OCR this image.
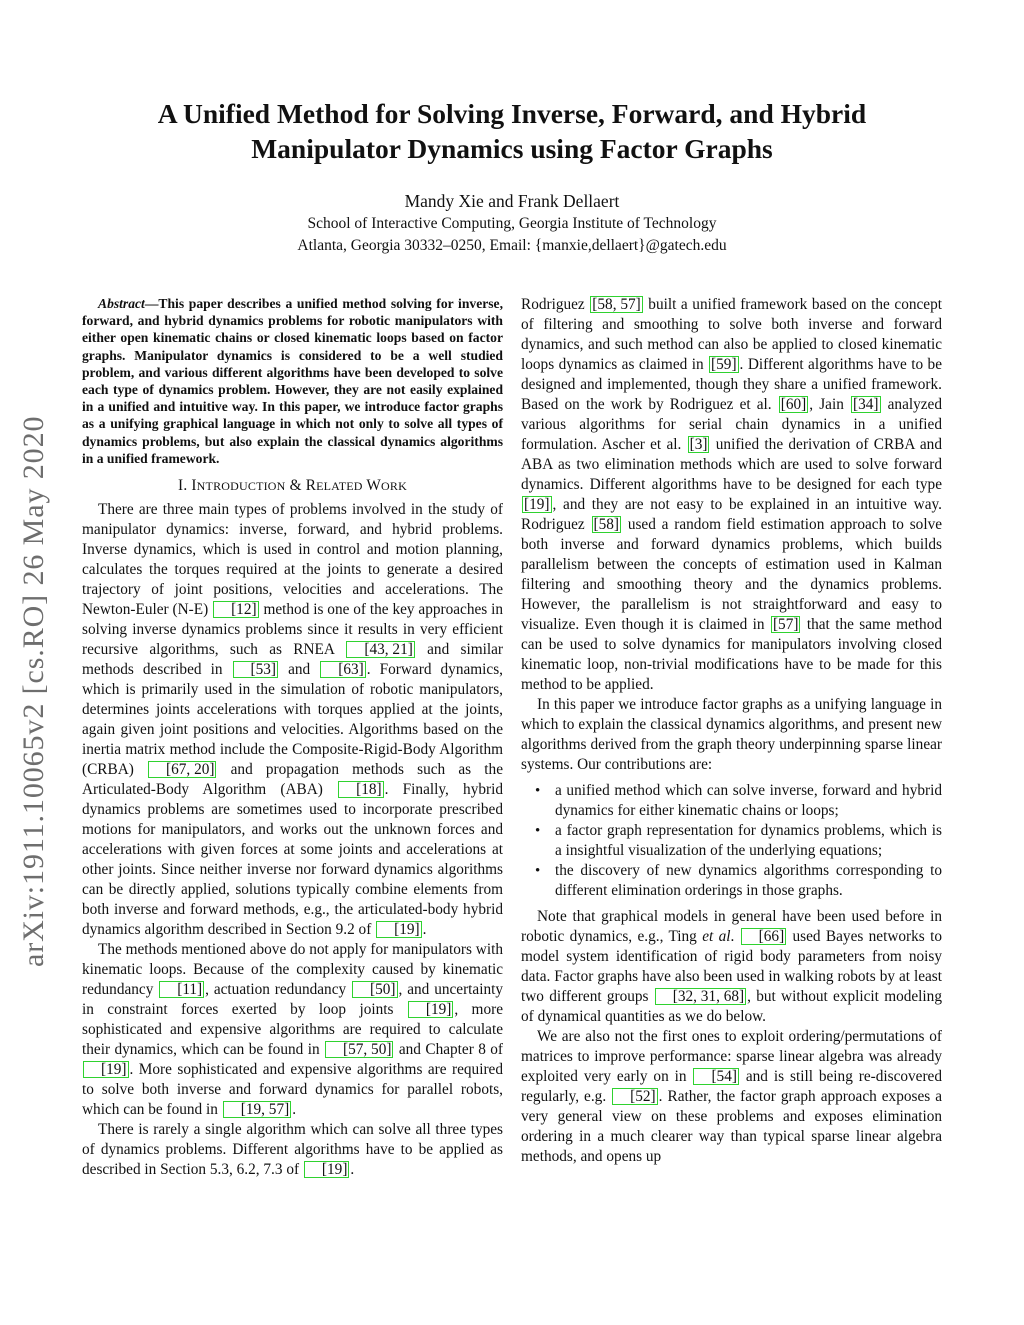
A Unified Method for Solving Inverse, Forward, and Hybrid
Manipulator Dynamics using Factor Graphs
Mandy Xie and Frank Dellaert
School of Interactive Computing, Georgia Institute of Technology
Atlanta, Georgia 30332–0250, Email: {manxie,dellaert}@gatech.edu
arXiv:1911.10065v2 [cs.RO] 26 May 2020

Abstract—This paper describes a unified method solving for inverse, forward, and hybrid dynamics problems for robotic manipulators with either open kinematic chains or closed kinematic loops based on factor graphs. Manipulator dynamics is considered to be a well studied problem, and various different algorithms have been developed to solve each type of dynamics problem. However, they are not easily explained in a unified and intuitive way. In this paper, we introduce factor graphs as a unifying graphical language in which not only to solve all types of dynamics problems, but also explain the classical dynamics algorithms in a unified framework.

I. INTRODUCTION & RELATED WORK

There are three main types of problems involved in the study of manipulator dynamics: inverse, forward, and hybrid problems. Inverse dynamics, which is used in control and motion planning, calculates the torques required at the joints to generate a desired trajectory of joint positions, velocities and accelerations. The Newton-Euler (N-E) [12] method is one of the key approaches in solving inverse dynamics problems since it results in very efficient recursive algorithms, such as RNEA [43, 21] and similar methods described in [53] and [63] . Forward dynamics, which is primarily used in the simulation of robotic manipulators, determines joints accelerations with torques applied at the joints, again given joint positions and velocities. Algorithms based on the inertia matrix method include the Composite-Rigid-Body Algorithm (CRBA) [67, 20] and propagation methods such as the Articulated-Body Algorithm (ABA) [18] . Finally, hybrid dynamics problems are sometimes used to incorporate prescribed motions for manipulators, and works out the unknown forces and accelerations with given forces at some joints and accelerations at other joints. Since neither inverse nor forward dynamics algorithms can be directly applied, solutions typically combine elements from both inverse and forward methods, e.g., the articulated-body hybrid dynamics algorithm described in Section 9.2 of [19] .

The methods mentioned above do not apply for manipulators with kinematic loops. Because of the complexity caused by kinematic redundancy [11] , actuation redundancy [50] , and uncertainty in constraint forces exerted by loop joints [19] , more sophisticated and expensive algorithms are required to calculate their dynamics, which can be found in [57, 50] and Chapter 8 of [19] . More sophisticated and expensive algorithms are required to solve both inverse and forward dynamics for parallel robots, which can be found in [19, 57] .

There is rarely a single algorithm which can solve all three types of dynamics problems. Different algorithms have to be applied as described in Section 5.3, 6.2, 7.3 of [19] .

Rodriguez [58, 57] built a unified framework based on the concept of filtering and smoothing to solve both inverse and forward dynamics, and such method can also be applied to closed kinematic loops dynamics as claimed in [59] . Different algorithms have to be designed and implemented, though they share a unified framework. Based on the work by Rodriguez et al. [60] , Jain [34] analyzed various algorithms for serial chain dynamics in a unified formulation. Ascher et al. [3] unified the derivation of CRBA and ABA as two elimination methods which are used to solve forward dynamics. Different algorithms have to be designed for each type [19] , and they are not easy to be explained in an intuitive way. Rodriguez [58] used a random field estimation approach to solve both inverse and forward dynamics problems, which builds parallelism between the concepts of estimation used in Kalman filtering and smoothing theory and the dynamics problems. However, the parallelism is not straightforward and easy to visualize. Even though it is claimed in [57] that the same method can be used to solve dynamics for manipulators involving closed kinematic loop, non-trivial modifications have to be made for this method to be applied.

In this paper we introduce factor graphs as a unifying language in which to explain the classical dynamics algorithms, and present new algorithms derived from the graph theory underpinning sparse linear systems. Our contributions are:

• a unified method which can solve inverse, forward and hybrid dynamics for either kinematic chains or loops;
• a factor graph representation for dynamics problems, which is a insightful visualization of the underlying equations;
• the discovery of new dynamics algorithms corresponding to different elimination orderings in those graphs.

Note that graphical models in general have been used before in robotic dynamics, e.g., Ting et al. [66] used Bayes networks to model system identification of rigid body parameters from noisy data. Factor graphs have also been used in walking robots by at least two different groups [32, 31, 68] , but without explicit modeling of dynamical quantities as we do below.

We are also not the first ones to exploit ordering/permutations of matrices to improve performance: sparse linear algebra was already exploited very early on in [54] and is still being re-discovered regularly, e.g. [52] . Rather, the factor graph approach exposes a very general view on these problems and exposes elimination ordering in a much clearer way than typical sparse linear algebra methods, and opens up
